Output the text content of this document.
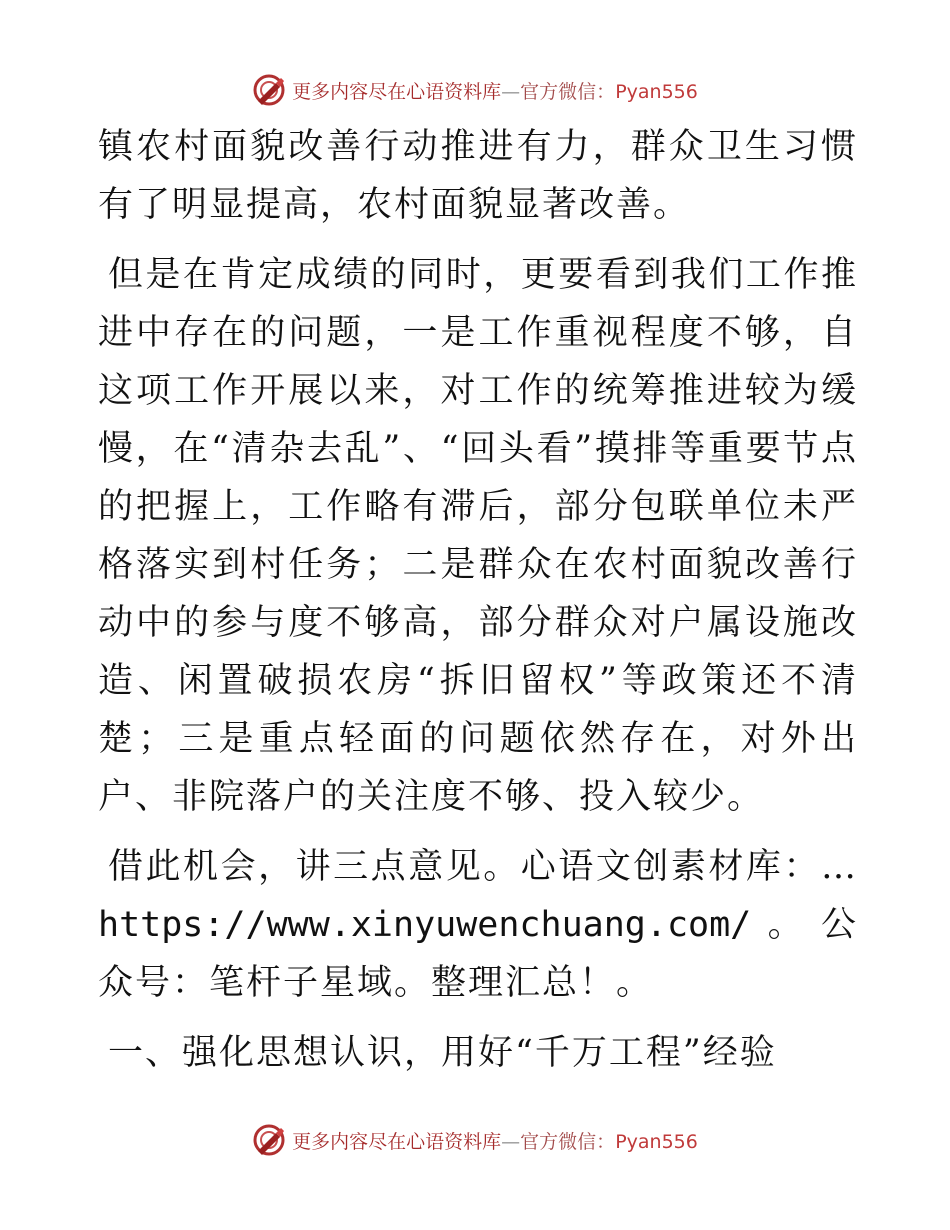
更多内容尽在心语资料库—官方微信：Pyan556

镇农村面貌改善行动推进有力，群众卫生习惯有了明显提高，农村面貌显著改善。

但是在肯定成绩的同时，更要看到我们工作推进中存在的问题，一是工作重视程度不够，自这项工作开展以来，对工作的统筹推进较为缓慢，在“清杂去乱”、“回头看”摸排等重要节点的把握上，工作略有滞后，部分包联单位未严格落实到村任务；二是群众在农村面貌改善行动中的参与度不够高，部分群众对户属设施改造、闲置破损农房“拆旧留权”等政策还不清楚；三是重点轻面的问题依然存在，对外出户、非院落户的关注度不够、投入较少。

借此机会，讲三点意见。心语文创素材库：…https://www.xinyuwenchuang.com/。公众号：笔杆子星域。整理汇总！。

一、强化思想认识，用好“千万工程”经验

更多内容尽在心语资料库—官方微信：Pyan556
